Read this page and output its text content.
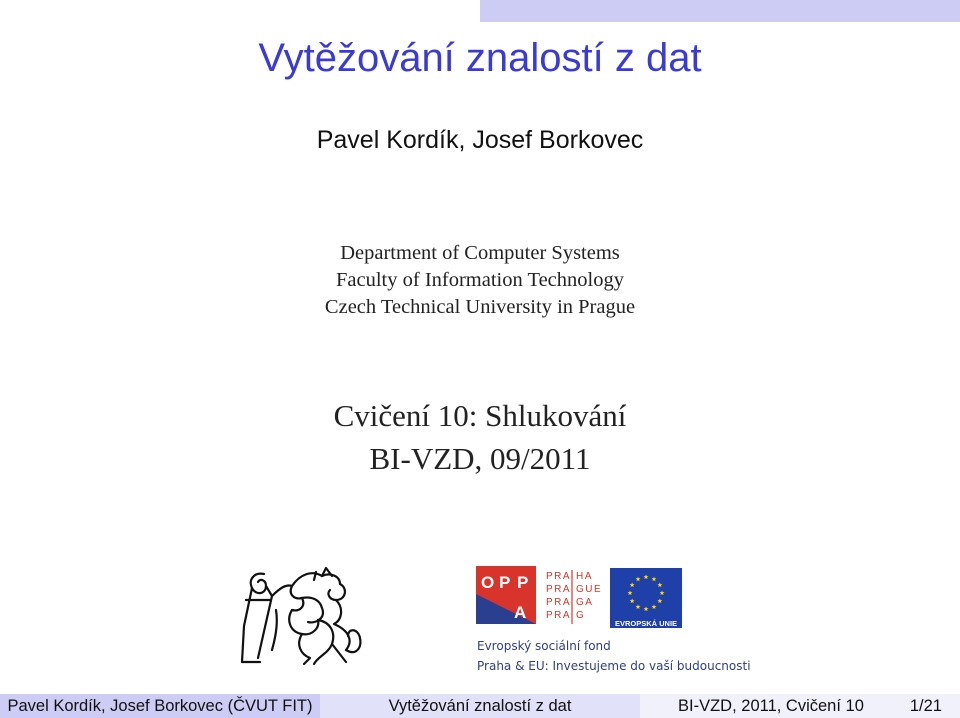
Vytěžování znalostí z dat
Pavel Kordík, Josef Borkovec
Department of Computer Systems
Faculty of Information Technology
Czech Technical University in Prague
Cvičení 10: Shlukování
BI-VZD, 09/2011
O P P
A
PRA HA
PRA GUE
PRA GA
PRA G
EVROPSKÁ UNIE
Evropský sociální fond
Praha & EU: Investujeme do vaší budoucnosti
Pavel Kordík, Josef Borkovec (ČVUT FIT)	Vytěžování znalostí z dat	BI-VZD, 2011, Cvičení 10	1/21
